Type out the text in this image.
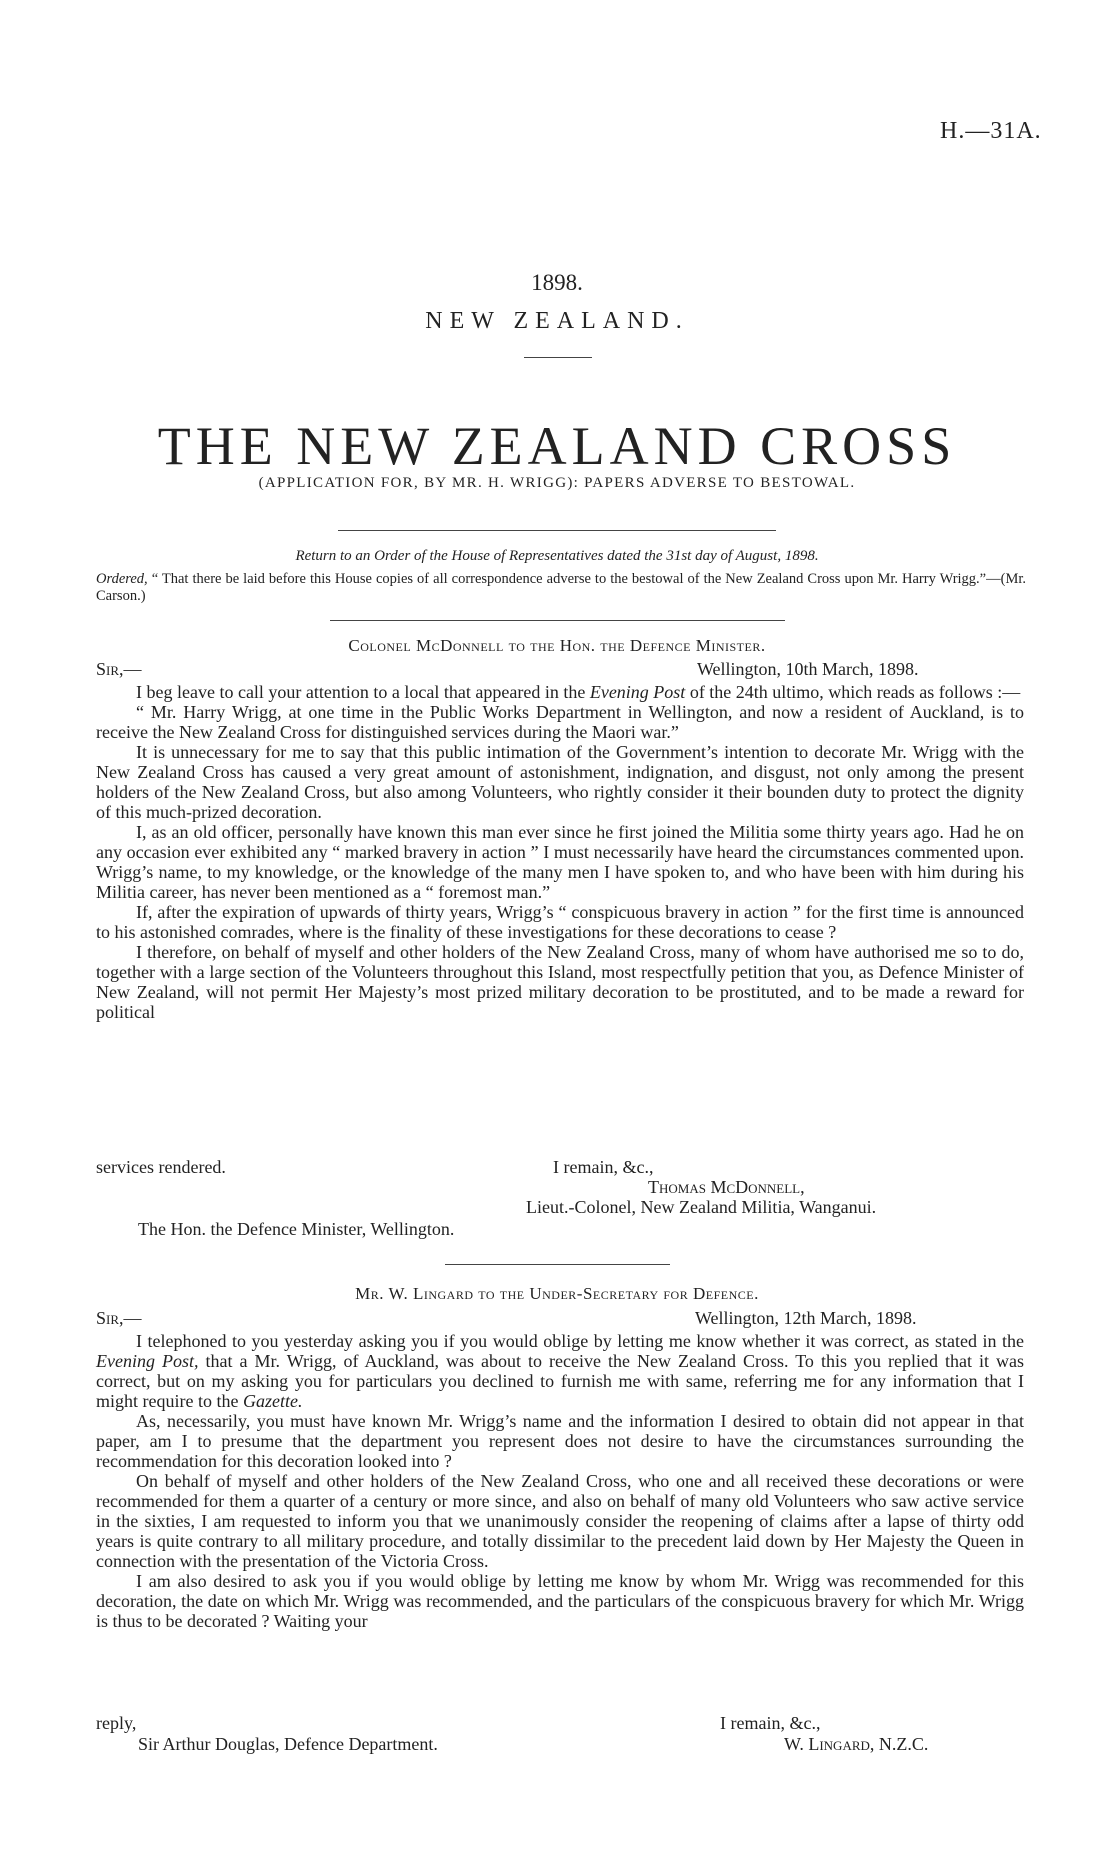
H.—31A.
1898.
NEW ZEALAND.
THE NEW ZEALAND CROSS
(APPLICATION FOR, BY MR. H. WRIGG): PAPERS ADVERSE TO BESTOWAL.
Return to an Order of the House of Representatives dated the 31st day of August, 1898.
Ordered, “ That there be laid before this House copies of all correspondence adverse to the bestowal of the New Zealand Cross upon Mr. Harry Wrigg.”—(Mr. Carson.)
Colonel McDonnell to the Hon. the Defence Minister.
Sir,—	Wellington, 10th March, 1898.

I beg leave to call your attention to a local that appeared in the Evening Post of the 24th ultimo, which reads as follows :—

“ Mr. Harry Wrigg, at one time in the Public Works Department in Wellington, and now a resident of Auckland, is to receive the New Zealand Cross for distinguished services during the Maori war.”

It is unnecessary for me to say that this public intimation of the Government’s intention to decorate Mr. Wrigg with the New Zealand Cross has caused a very great amount of astonishment, indignation, and disgust, not only among the present holders of the New Zealand Cross, but also among Volunteers, who rightly consider it their bounden duty to protect the dignity of this much-prized decoration.

I, as an old officer, personally have known this man ever since he first joined the Militia some thirty years ago. Had he on any occasion ever exhibited any “ marked bravery in action ” I must necessarily have heard the circumstances commented upon. Wrigg’s name, to my knowledge, or the knowledge of the many men I have spoken to, and who have been with him during his Militia career, has never been mentioned as a “ foremost man.”

If, after the expiration of upwards of thirty years, Wrigg’s “ conspicuous bravery in action ” for the first time is announced to his astonished comrades, where is the finality of these investigations for these decorations to cease ?

I therefore, on behalf of myself and other holders of the New Zealand Cross, many of whom have authorised me so to do, together with a large section of the Volunteers throughout this Island, most respectfully petition that you, as Defence Minister of New Zealand, will not permit Her Majesty’s most prized military decoration to be prostituted, and to be made a reward for political

services rendered.	I remain, &c.,
Thomas McDonnell,
Lieut.-Colonel, New Zealand Militia, Wanganui.
The Hon. the Defence Minister, Wellington.
Mr. W. Lingard to the Under-Secretary for Defence.
Sir,—	Wellington, 12th March, 1898.

I telephoned to you yesterday asking you if you would oblige by letting me know whether it was correct, as stated in the Evening Post, that a Mr. Wrigg, of Auckland, was about to receive the New Zealand Cross. To this you replied that it was correct, but on my asking you for particulars you declined to furnish me with same, referring me for any information that I might require to the Gazette.

As, necessarily, you must have known Mr. Wrigg’s name and the information I desired to obtain did not appear in that paper, am I to presume that the department you represent does not desire to have the circumstances surrounding the recommendation for this decoration looked into ?

On behalf of myself and other holders of the New Zealand Cross, who one and all received these decorations or were recommended for them a quarter of a century or more since, and also on behalf of many old Volunteers who saw active service in the sixties, I am requested to inform you that we unanimously consider the reopening of claims after a lapse of thirty odd years is quite contrary to all military procedure, and totally dissimilar to the precedent laid down by Her Majesty the Queen in connection with the presentation of the Victoria Cross.

I am also desired to ask you if you would oblige by letting me know by whom Mr. Wrigg was recommended for this decoration, the date on which Mr. Wrigg was recommended, and the particulars of the conspicuous bravery for which Mr. Wrigg is thus to be decorated ? Waiting your

reply,	I remain, &c.,
Sir Arthur Douglas, Defence Department.	W. Lingard, N.Z.C.
